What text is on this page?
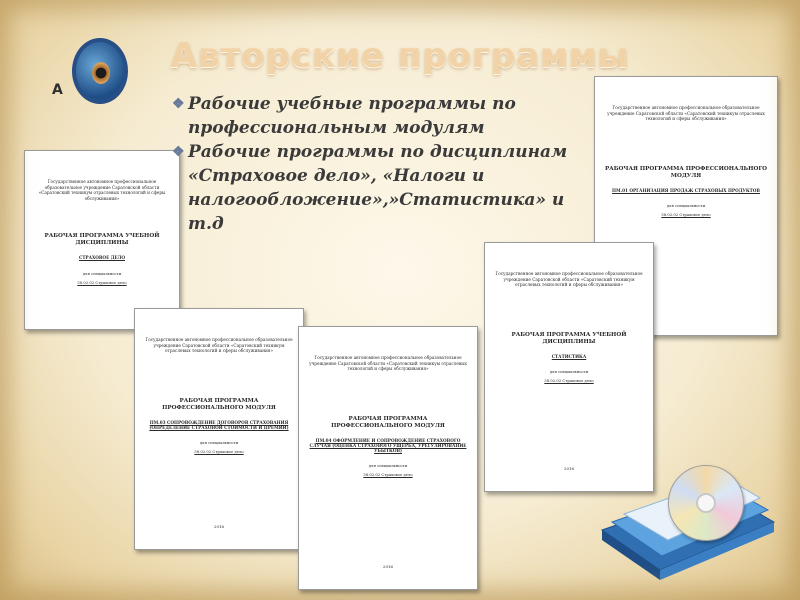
A
Авторские программы
Государственное автономное профессиональное образовательное учреждение Саратовской области «Саратовский техникум отраслевых технологий и сферы обслуживания»
РАБОЧАЯ ПРОГРАММА ПРОФЕССИОНАЛЬНОГО МОДУЛЯ
ПМ.01 ОРГАНИЗАЦИЯ ПРОДАЖ СТРАХОВЫХ ПРОДУКТОВ
для специальности
38.02.02 Страховое дело
Государственное автономное профессиональное образовательное учреждение Саратовской области «Саратовский техникум отраслевых технологий и сферы обслуживания»
РАБОЧАЯ ПРОГРАММА УЧЕБНОЙ ДИСЦИПЛИНЫ
СТРАХОВОЕ ДЕЛО
для специальности
38.02.02 Страховое дело
❖ Рабочие учебные программы по профессиональным модулям
❖ Рабочие программы по дисциплинам «Страховое дело», «Налоги и налогообложение»,»Статистика» и т.д
Государственное автономное профессиональное образовательное учреждение Саратовской области «Саратовский техникум отраслевых технологий и сферы обслуживания»
РАБОЧАЯ ПРОГРАММА ПРОФЕССИОНАЛЬНОГО МОДУЛЯ
ПМ.03 СОПРОВОЖДЕНИЕ ДОГОВОРОВ СТРАХОВАНИЯ (ОПРЕДЕЛЕНИЕ СТРАХОВОЙ СТОИМОСТИ И ПРЕМИИ)
для специальности
38.02.02 Страховое дело
2016
Государственное автономное профессиональное образовательное учреждение Саратовской области «Саратовский техникум отраслевых технологий и сферы обслуживания»
РАБОЧАЯ ПРОГРАММА ПРОФЕССИОНАЛЬНОГО МОДУЛЯ
ПМ.04 ОФОРМЛЕНИЕ И СОПРОВОЖДЕНИЕ СТРАХОВОГО СЛУЧАЯ (ОЦЕНКА СТРАХОВОГО УЩЕРБА, УРЕГУЛИРОВАНИЕ УБЫТКОВ)
для специальности
38.02.02 Страховое дело
2016
Государственное автономное профессиональное образовательное учреждение Саратовской области «Саратовский техникум отраслевых технологий и сферы обслуживания»
РАБОЧАЯ ПРОГРАММА УЧЕБНОЙ ДИСЦИПЛИНЫ
СТАТИСТИКА
для специальности
38.02.02 Страховое дело
2016
